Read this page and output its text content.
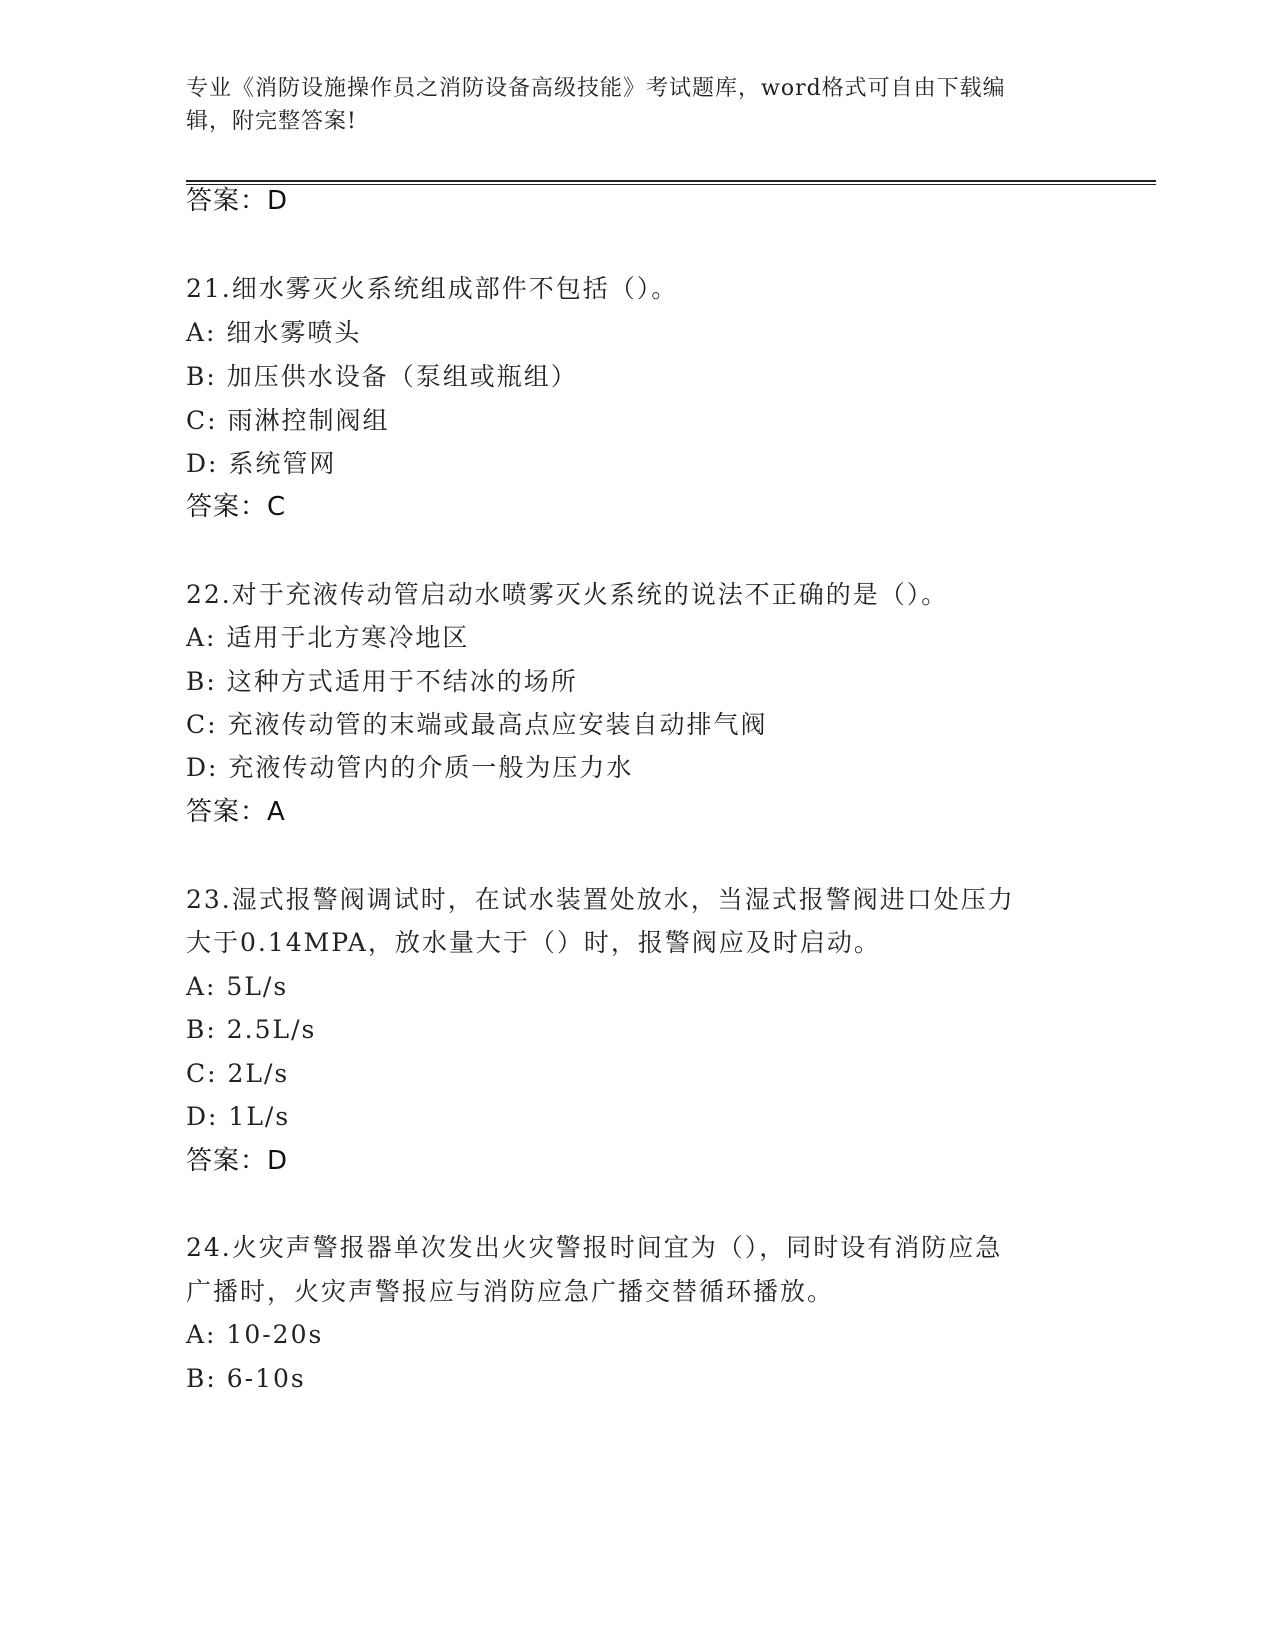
专业《消防设施操作员之消防设备高级技能》考试题库，word格式可自由下载编
辑，附完整答案!
答案：D
21.细水雾灭火系统组成部件不包括（）。
A: 细水雾喷头
B: 加压供水设备（泵组或瓶组）
C: 雨淋控制阀组
D: 系统管网
答案：C
22.对于充液传动管启动水喷雾灭火系统的说法不正确的是（）。
A: 适用于北方寒冷地区
B: 这种方式适用于不结冰的场所
C: 充液传动管的末端或最高点应安装自动排气阀
D: 充液传动管内的介质一般为压力水
答案：A
23.湿式报警阀调试时，在试水装置处放水，当湿式报警阀进口处压力
大于0.14MPA，放水量大于（）时，报警阀应及时启动。
A: 5L/s
B: 2.5L/s
C: 2L/s
D: 1L/s
答案：D
24.火灾声警报器单次发出火灾警报时间宜为（），同时设有消防应急
广播时，火灾声警报应与消防应急广播交替循环播放。
A: 10-20s
B: 6-10s
